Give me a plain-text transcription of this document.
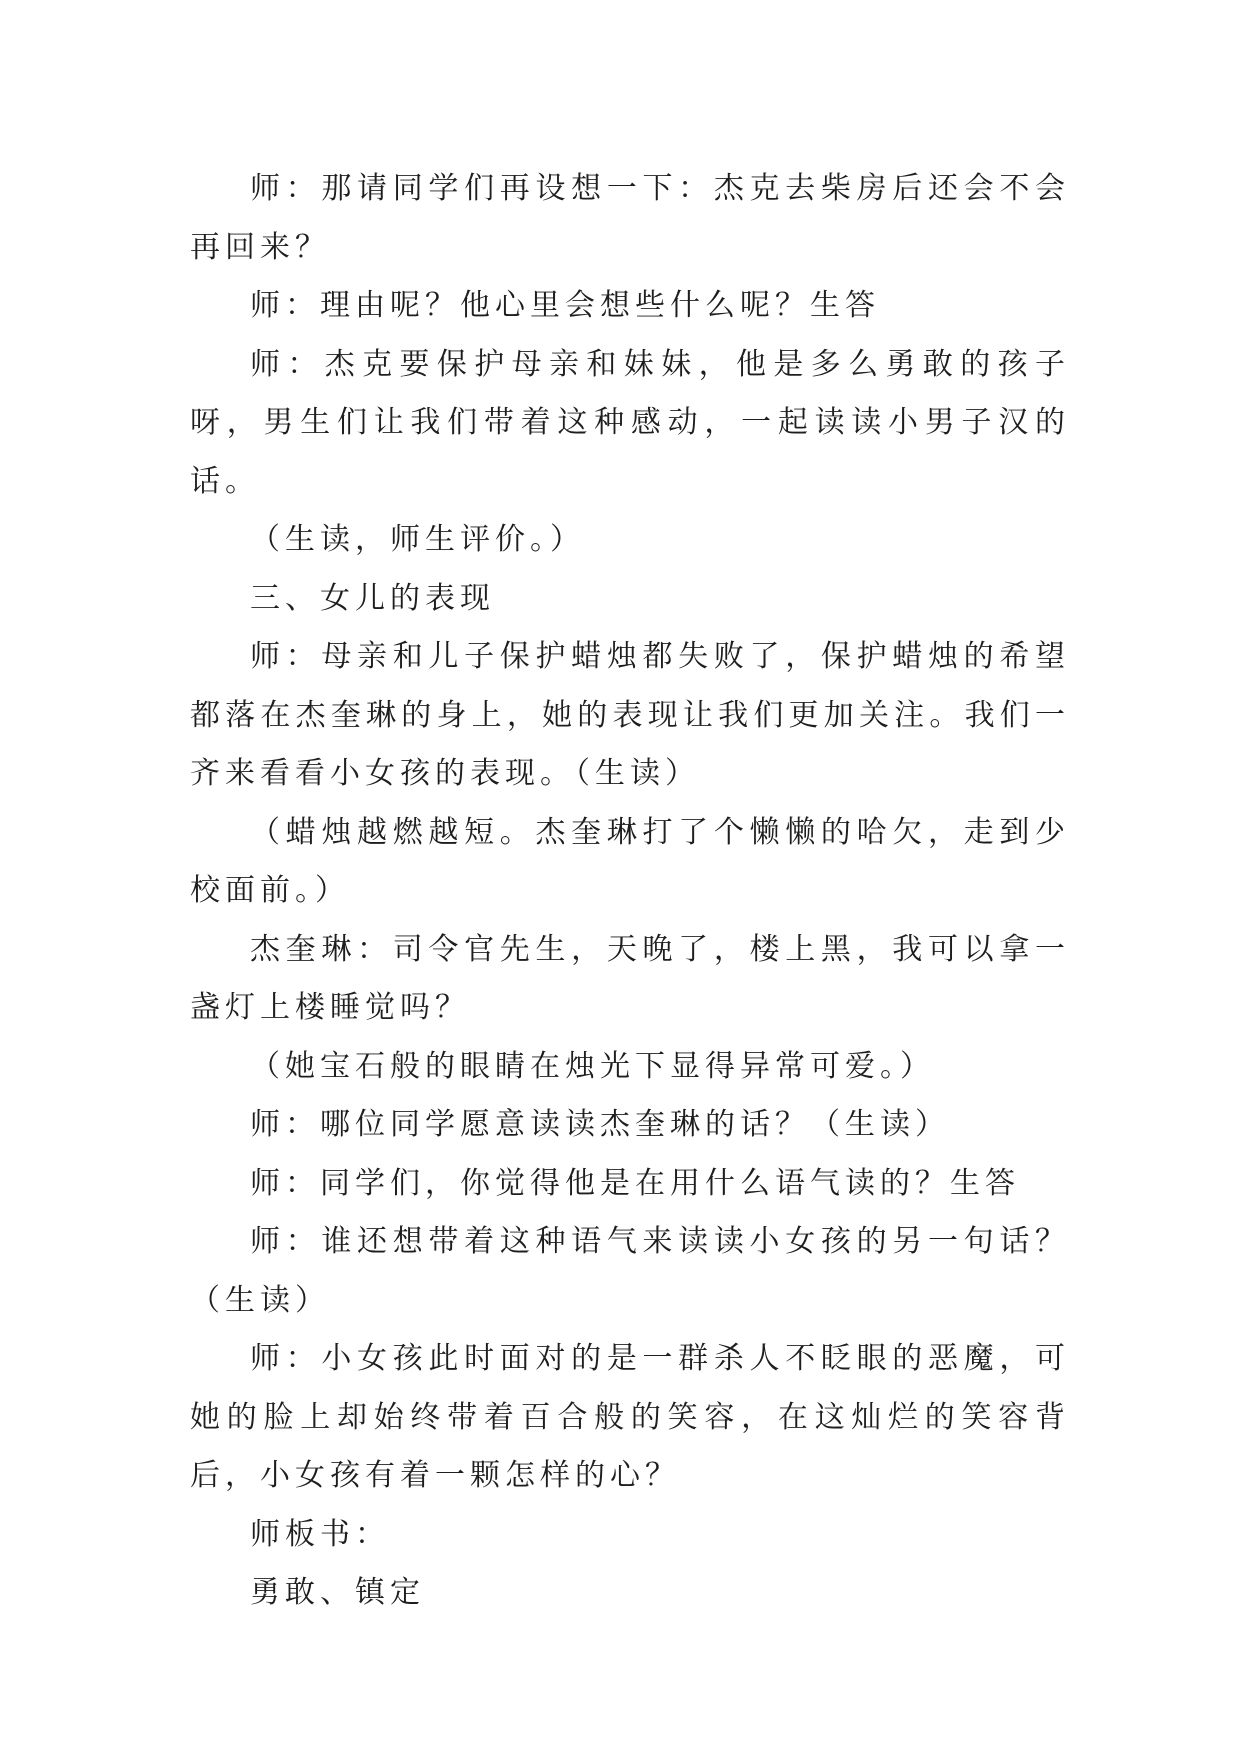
师：那请同学们再设想一下：杰克去柴房后还会不会再回来？

师：理由呢？他心里会想些什么呢？生答

师：杰克要保护母亲和妹妹，他是多么勇敢的孩子呀，男生们让我们带着这种感动，一起读读小男子汉的话。

（生读，师生评价。）

三、女儿的表现

师：母亲和儿子保护蜡烛都失败了，保护蜡烛的希望都落在杰奎琳的身上，她的表现让我们更加关注。我们一齐来看看小女孩的表现。（生读）

（蜡烛越燃越短。杰奎琳打了个懒懒的哈欠，走到少校面前。）

杰奎琳：司令官先生，天晚了，楼上黑，我可以拿一盏灯上楼睡觉吗？

（她宝石般的眼睛在烛光下显得异常可爱。）

师：哪位同学愿意读读杰奎琳的话？（生读）

师：同学们，你觉得他是在用什么语气读的？生答

师：谁还想带着这种语气来读读小女孩的另一句话？（生读）

师：小女孩此时面对的是一群杀人不眨眼的恶魔，可她的脸上却始终带着百合般的笑容，在这灿烂的笑容背后，小女孩有着一颗怎样的心？

师板书：

勇敢、镇定
